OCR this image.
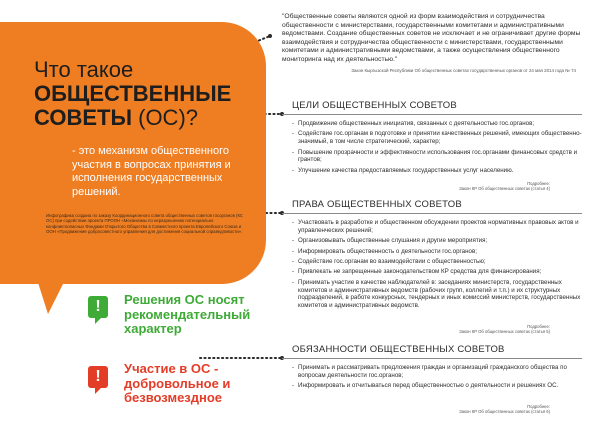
Что такое
ОБЩЕСТВЕННЫЕ
СОВЕТЫ (ОС)?
- это механизм общественного участия в вопросах принятия и исполнения государственных решений.
Инфографика создана по заказу Координационного совета общественных советов госорганов (КС ОС) при содействии проекта ПРООН «Механизмы по неразрешению потенциально конфликтоопасных Фондами Открытого Общества в Совместного проекта Европейского Союза и ООН «Продвижение добросовестного управления для достижения социальной справедливости».
!	Решения ОС носят рекомендательный характер
!	Участие в ОС - добровольное и безвозмездное
"Общественные советы являются одной из форм взаимодействия и сотрудничества общественности с министерствами, государственными комитетами и административными ведомствами. Создание общественных советов не исключает и не ограничивает другие формы взаимодействия и сотрудничества общественности с министерствами, государственными комитетами и административными ведомствами, а также осуществления общественного мониторинга над их деятельностью."
Закон Кыргызской Республики Об общественных советах государственных органов от 24 мая 2014 года № 74
ЦЕЛИ ОБЩЕСТВЕННЫХ СОВЕТОВ
- Продвижение общественных инициатив, связанных с деятельностью гос.органов;
- Содействие гос.органам в подготовке и принятии качественных решений, имеющих общественно-значимый, в том числе стратегический, характер;
- Повышение прозрачности и эффективности использования гос.органами финансовых средств и грантов;
- Улучшение качества предоставляемых государственных услуг населению.
Подробнее:
Закон КР Об общественных советах (статья 4)
ПРАВА ОБЩЕСТВЕННЫХ СОВЕТОВ
- Участвовать в разработке и общественном обсуждении проектов нормативных правовых актов и управленческих решений;
- Организовывать общественные слушания и другие мероприятия;
- Информировать общественность о деятельности гос.органов;
- Содействие гос.органам во взаимодействии с общественностью;
- Привлекать не запрещенные законодательством КР средства для финансирования;
- Принимать участие в качестве наблюдателей в: заседаниях министерств, государственных комитетов и административных ведомств (рабочих групп, коллегий и т.п.) и их структурных подразделений, в работе конкурсных, тендерных и иных комиссий министерств, государственных комитетов и административных ведомств.
Подробнее:
Закон КР Об общественных советах (статья 5)
ОБЯЗАННОСТИ ОБЩЕСТВЕННЫХ СОВЕТОВ
- Принимать и рассматривать предложения граждан и организаций гражданского общества по вопросам деятельности гос.органов;
- Информировать и отчитываться перед общественностью о деятельности и решениях ОС.
Подробнее:
Закон КР Об общественных советах (статья 6)
